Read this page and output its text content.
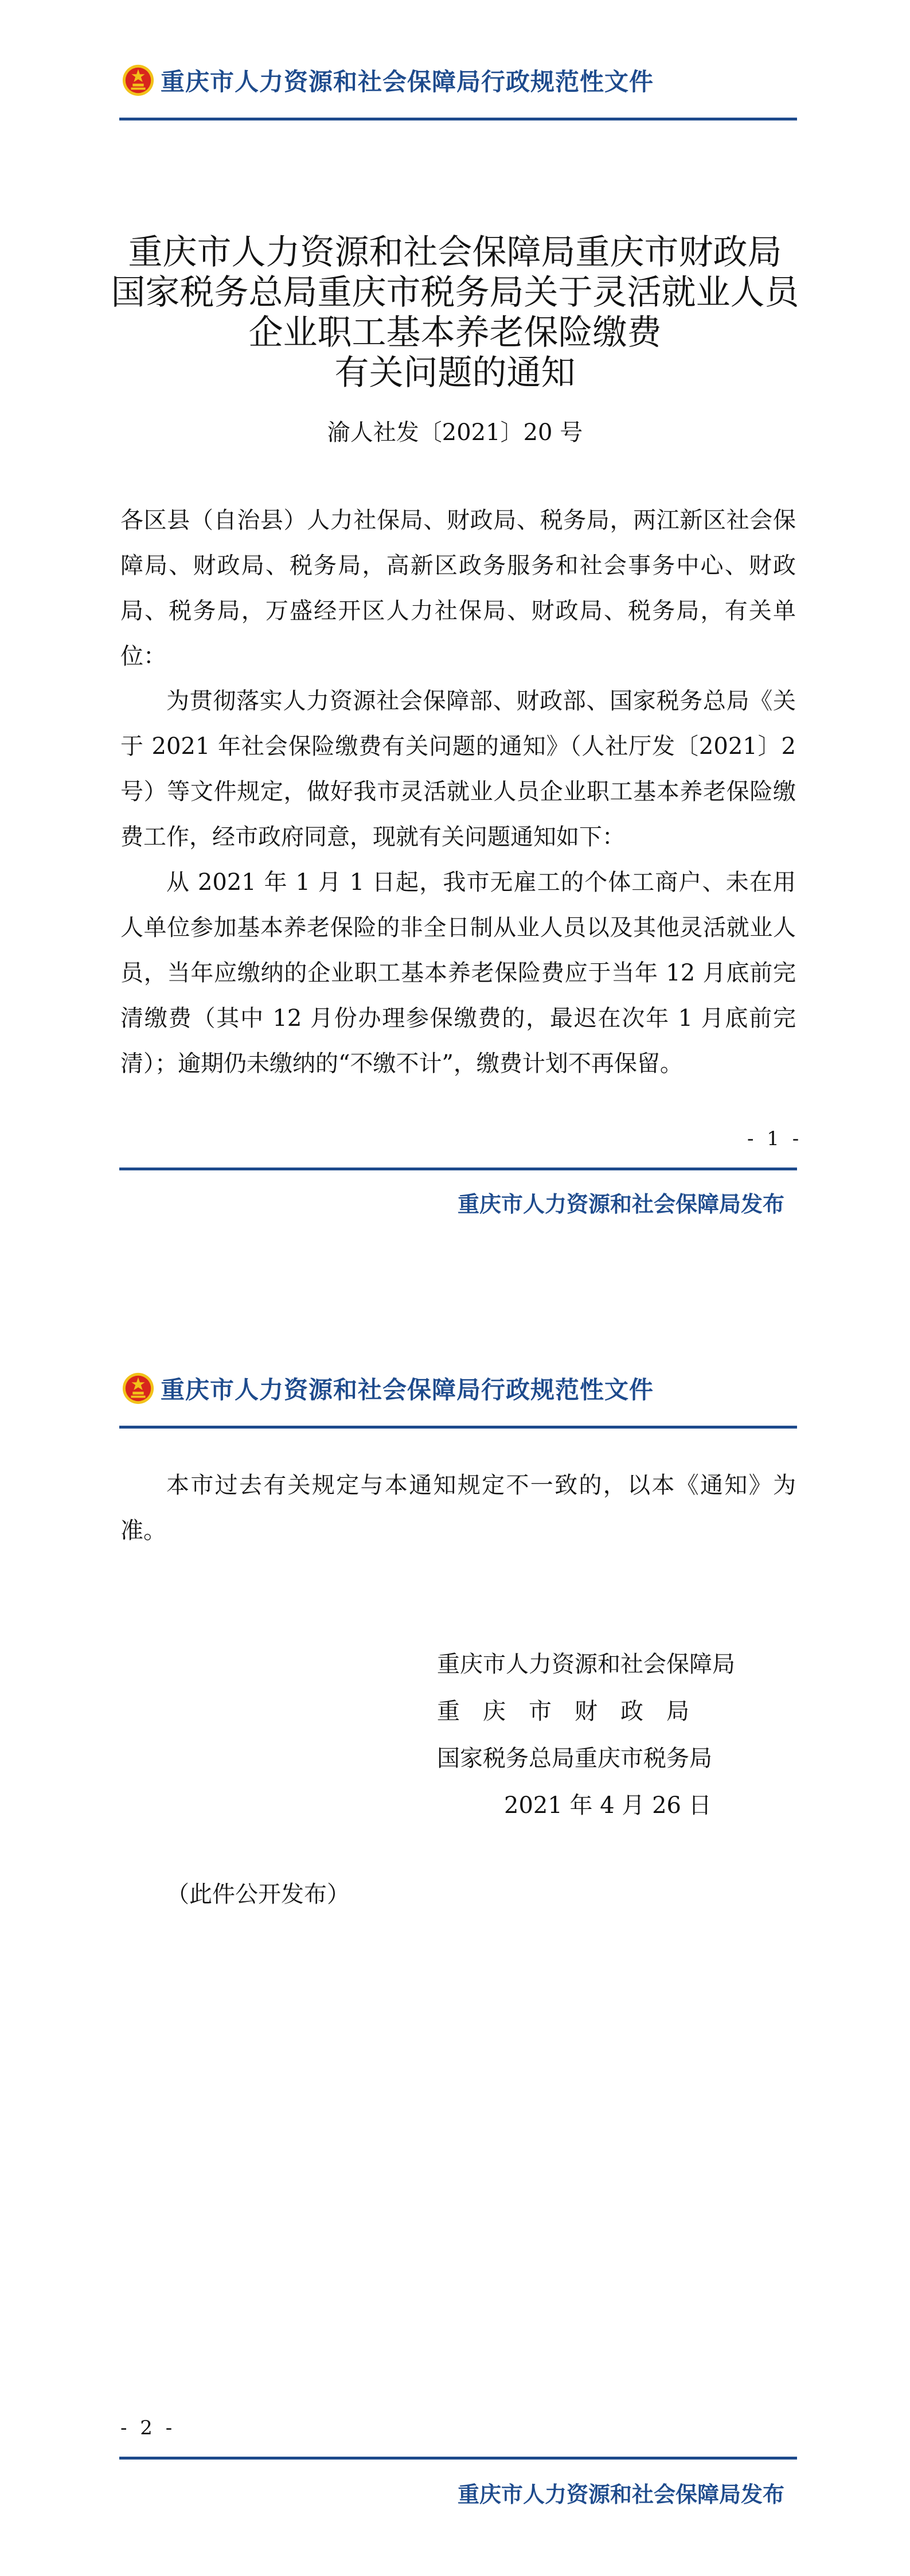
重庆市人力资源和社会保障局行政规范性文件
重庆市人力资源和社会保障局重庆市财政局
国家税务总局重庆市税务局关于灵活就业人员
企业职工基本养老保险缴费
有关问题的通知
渝人社发〔2021〕20 号

各区县（自治县）人力社保局、财政局、税务局，两江新区社会保障局、财政局、税务局，高新区政务服务和社会事务中心、财政局、税务局，万盛经开区人力社保局、财政局、税务局，有关单位：

为贯彻落实人力资源社会保障部、财政部、国家税务总局《关于 2021 年社会保险缴费有关问题的通知》（人社厅发〔2021〕2 号）等文件规定，做好我市灵活就业人员企业职工基本养老保险缴费工作，经市政府同意，现就有关问题通知如下：

从 2021 年 1 月 1 日起，我市无雇工的个体工商户、未在用人单位参加基本养老保险的非全日制从业人员以及其他灵活就业人员，当年应缴纳的企业职工基本养老保险费应于当年 12 月底前完清缴费（其中 12 月份办理参保缴费的，最迟在次年 1 月底前完清）；逾期仍未缴纳的“不缴不计”，缴费计划不再保留。

- 1 -
重庆市人力资源和社会保障局发布
重庆市人力资源和社会保障局行政规范性文件

本市过去有关规定与本通知规定不一致的，以本《通知》为准。

重庆市人力资源和社会保障局
重　庆　市　财　政　局
国家税务总局重庆市税务局
2021 年 4 月 26 日
（此件公开发布）
- 2 -
重庆市人力资源和社会保障局发布
